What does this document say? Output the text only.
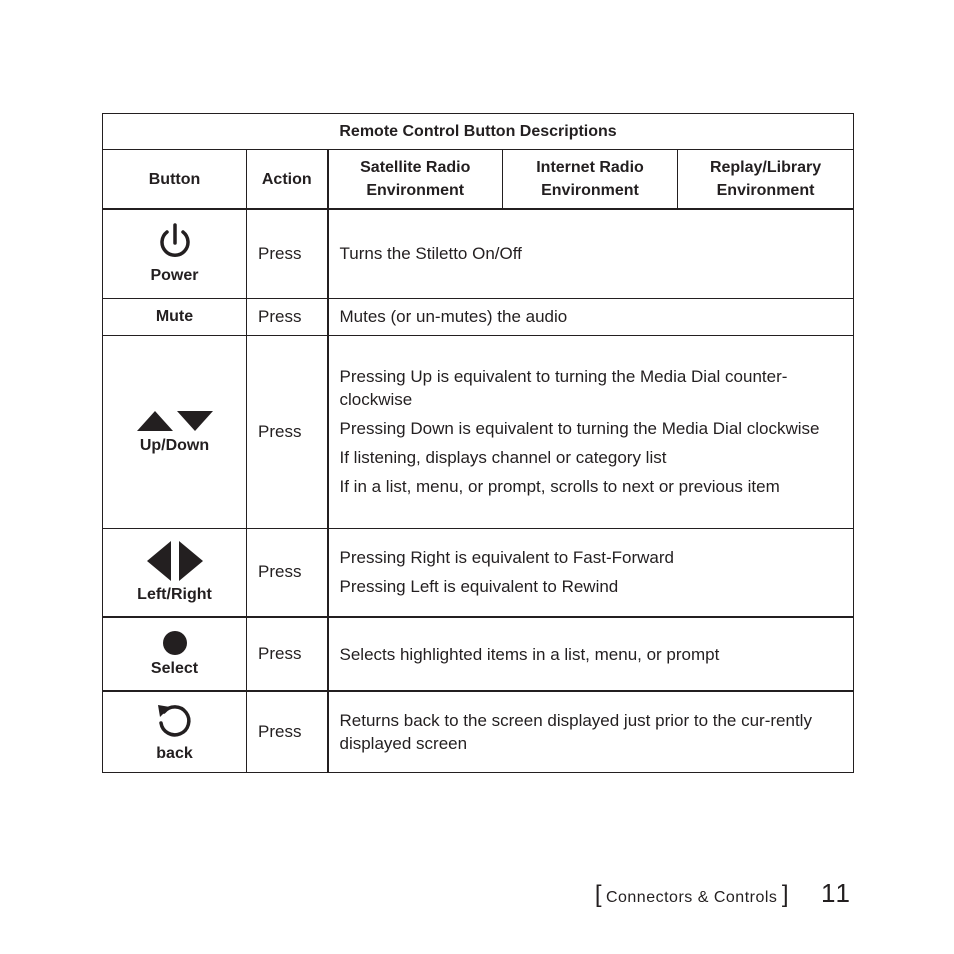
Remote Control Button Descriptions				
Button	Action	Satellite Radio Environment	Internet Radio Environment	Replay/Library Environment

Power	Press	Turns the Stiletto On/Off		

Mute	Press	Mutes (or un-mutes) the audio		

Up/Down	Press	Pressing Up is equivalent to turning the Media Dial counter-clockwise

Pressing Down is equivalent to turning the Media Dial clockwise

If listening, displays channel or category list

If in a list, menu, or prompt, scrolls to next or previous item		

Left/Right	Press	Pressing Right is equivalent to Fast-Forward

Pressing Left is equivalent to Rewind		

Select	Press	Selects highlighted items in a list, menu, or prompt		

back	Press	Returns back to the screen displayed just prior to the cur-rently displayed screen		

[ Connectors & Controls ] 11
